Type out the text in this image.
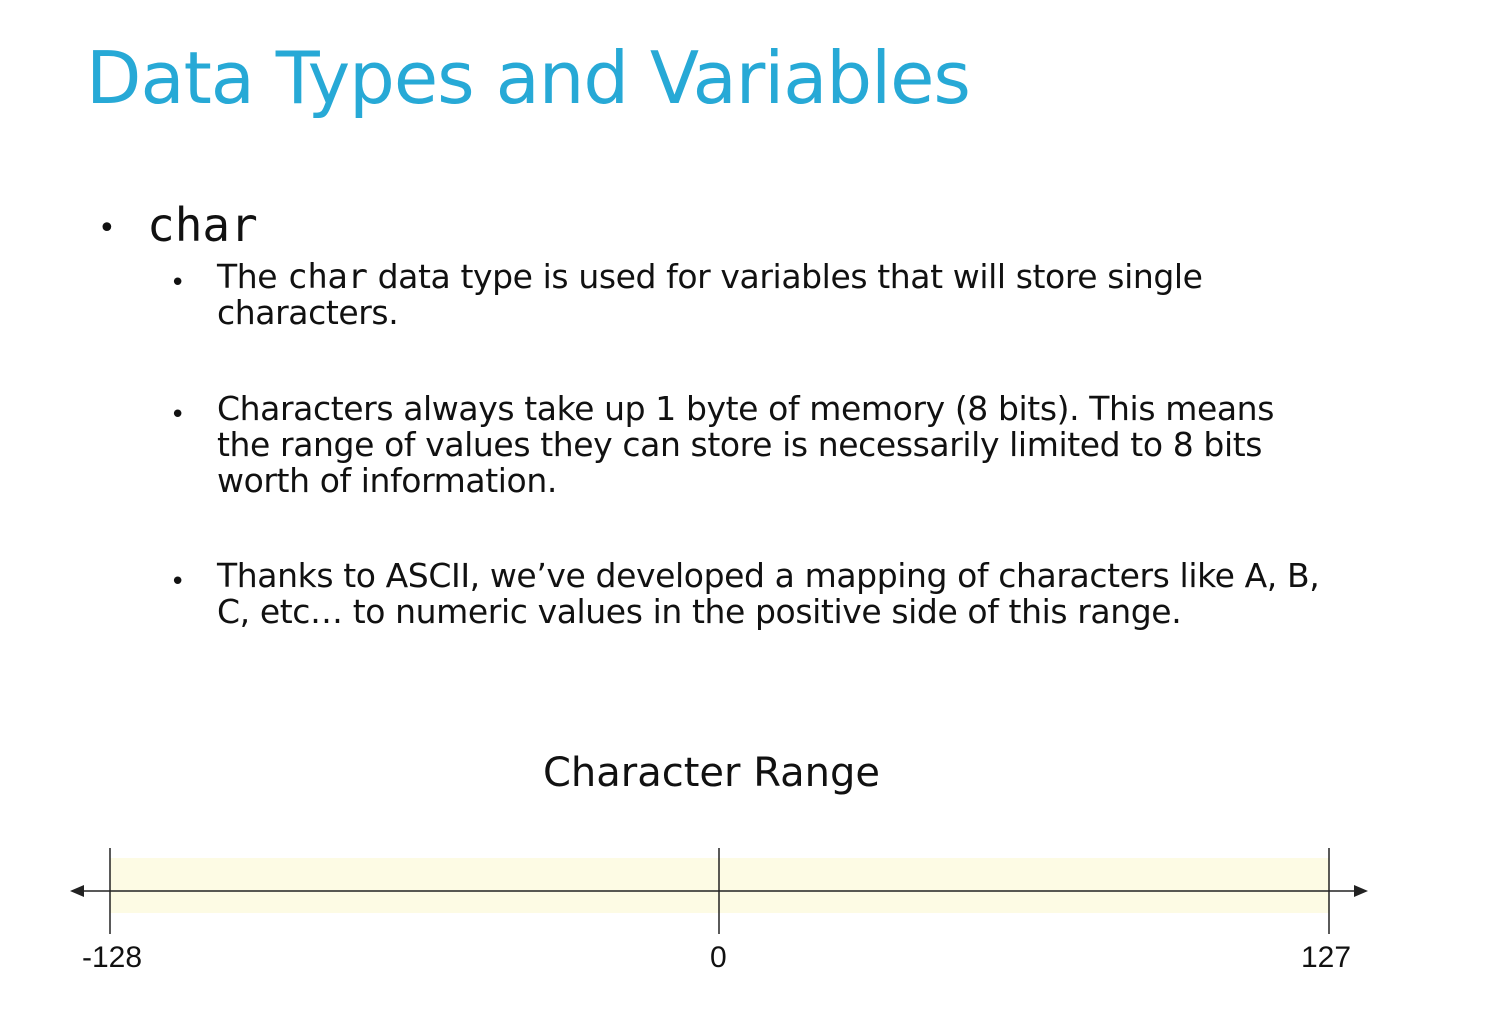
Data Types and Variables
• char
• The char data type is used for variables that will store single characters.
• Characters always take up 1 byte of memory (8 bits). This means the range of values they can store is necessarily limited to 8 bits worth of information.
• Thanks to ASCII, we’ve developed a mapping of characters like A, B, C, etc… to numeric values in the positive side of this range.
Character Range
-128	0	127
